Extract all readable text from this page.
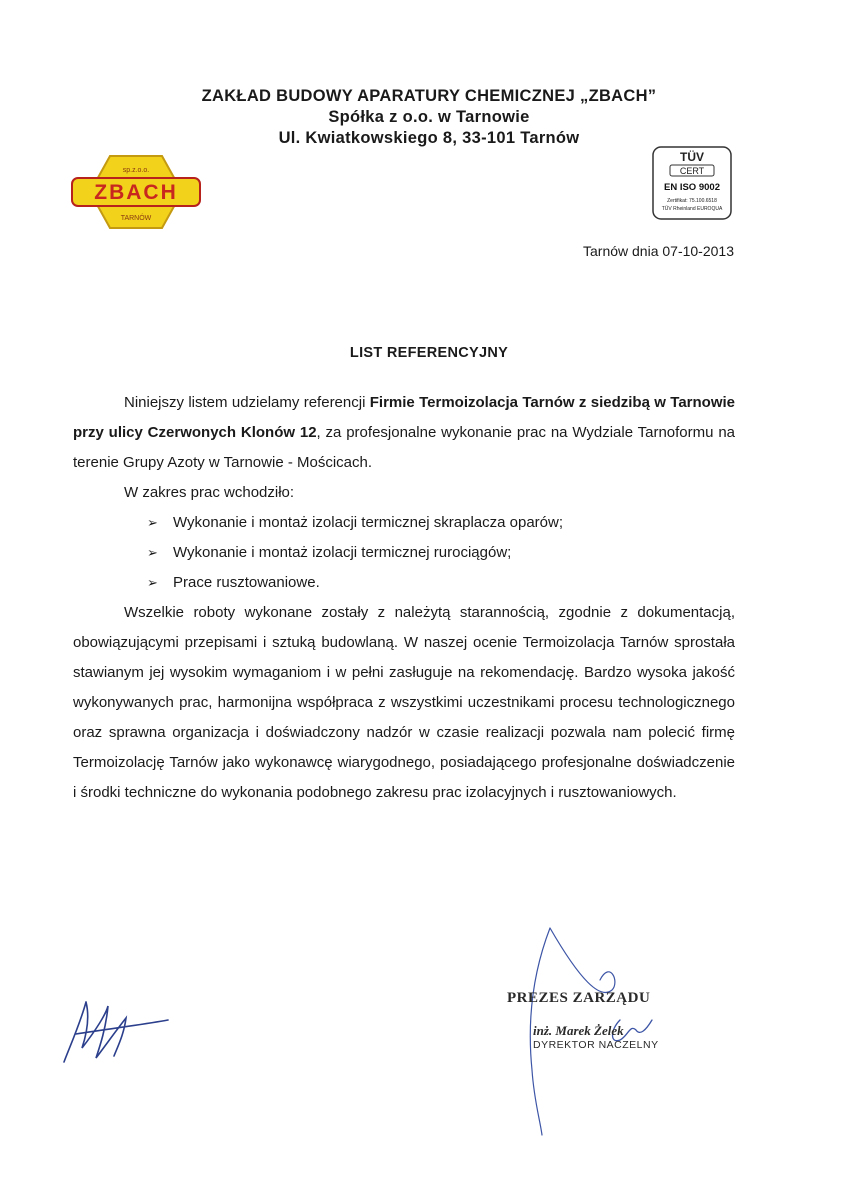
ZAKŁAD BUDOWY APARATURY CHEMICZNEJ „ZBACH”
Spółka z o.o. w Tarnowie
Ul. Kwiatkowskiego 8, 33-101 Tarnów
ZBACH
sp.z.o.o.
TARNÓW
TÜV
CERT
EN ISO 9002
Zertifikat: 75.100.6518
TÜV Rheinland EUROQUA
Tarnów dnia 07-10-2013
LIST REFERENCYJNY

Niniejszy listem udzielamy referencji Firmie Termoizolacja Tarnów z siedzibą w Tarnowie przy ulicy Czerwonych Klonów 12, za profesjonalne wykonanie prac na Wydziale Tarnoformu na terenie Grupy Azoty w Tarnowie - Mościcach.

W zakres prac wchodziło:

➢ Wykonanie i montaż izolacji termicznej skraplacza oparów;
➢ Wykonanie i montaż izolacji termicznej rurociągów;
➢ Prace rusztowaniowe.

Wszelkie roboty wykonane zostały z należytą starannością, zgodnie z dokumentacją, obowiązującymi przepisami i sztuką budowlaną. W naszej ocenie Termoizolacja Tarnów sprostała stawianym jej wysokim wymaganiom i w pełni zasługuje na rekomendację. Bardzo wysoka jakość wykonywanych prac, harmonijna współpraca z wszystkimi uczestnikami procesu technologicznego oraz sprawna organizacja i doświadczony nadzór w czasie realizacji pozwala nam polecić firmę Termoizolację Tarnów jako wykonawcę wiarygodnego, posiadającego profesjonalne doświadczenie i środki techniczne do wykonania podobnego zakresu prac izolacyjnych i rusztowaniowych.

PREZES ZARZĄDU
inż. Marek Żelek
DYREKTOR NACZELNY
